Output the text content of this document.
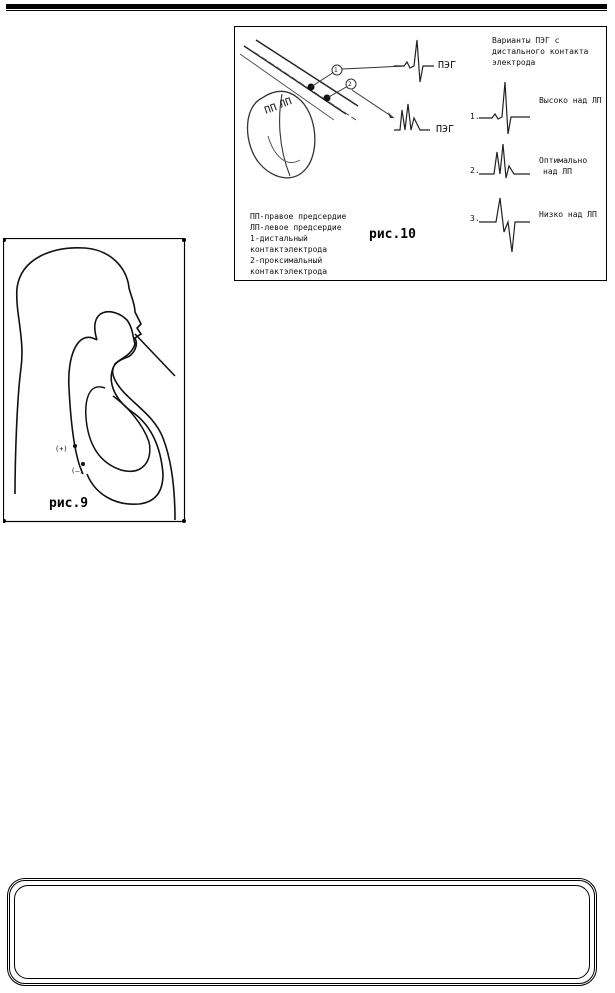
ПП ЛП
1
2
ПЭГ
ПЭГ
Варианты ПЭГ с
дистального контакта
электрода
1.
Высоко над ЛП
2.
Оптимально
над ЛП
3.	Низко над ЛП
ПП-правое предсердие
ЛП-левое предсердие
1-дистальный
контактэлектрода
2-проксимальный
контактэлектрода
рис.10
(+)
(–)
рис.9
